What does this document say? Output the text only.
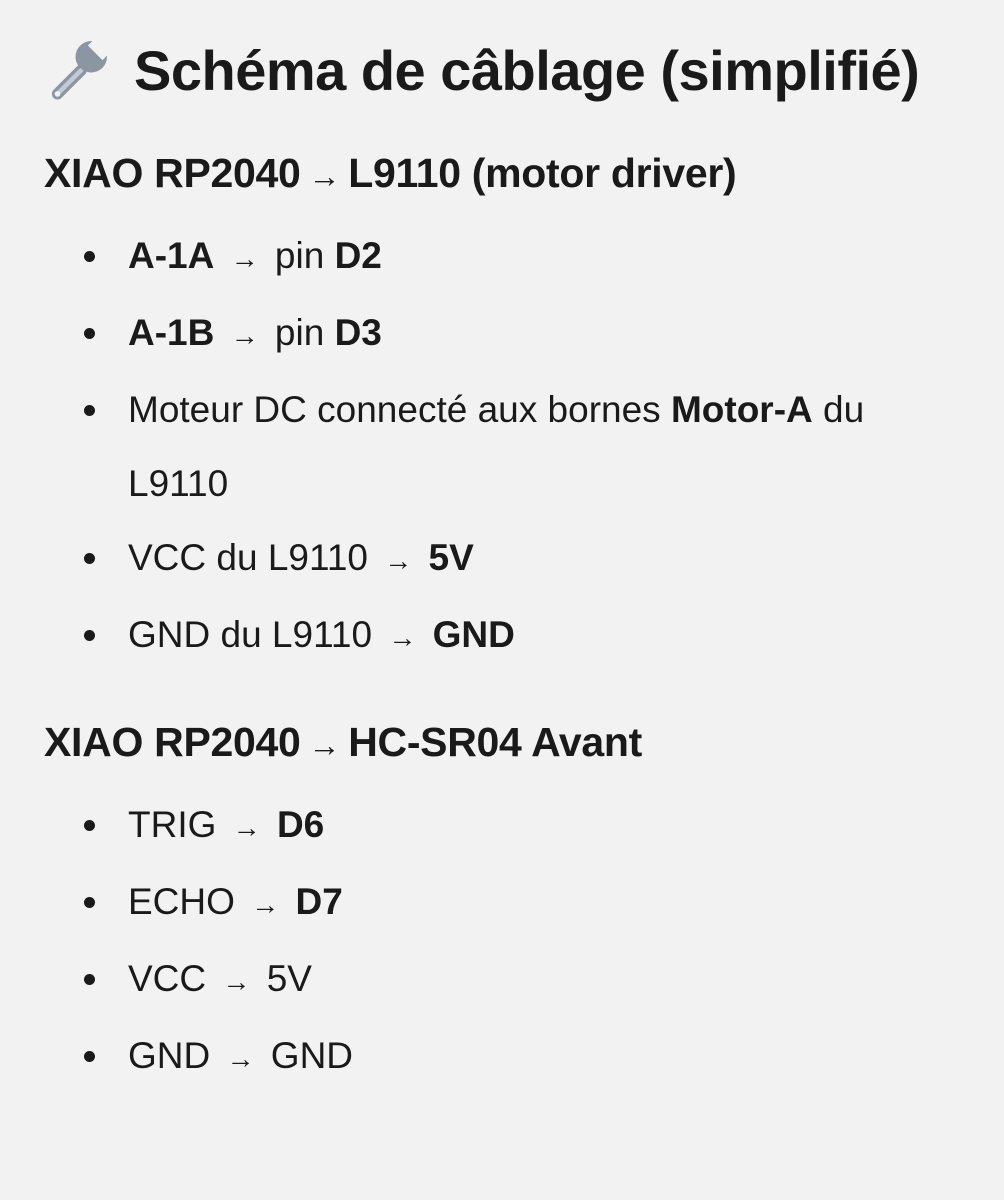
Schéma de câblage (simplifié)
XIAO RP2040 → L9110 (motor driver)
A-1A → pin D2
A-1B → pin D3
Moteur DC connecté aux bornes Motor-A du L9110
VCC du L9110 → 5V
GND du L9110 → GND
XIAO RP2040 → HC-SR04 Avant
TRIG → D6
ECHO → D7
VCC → 5V
GND → GND
